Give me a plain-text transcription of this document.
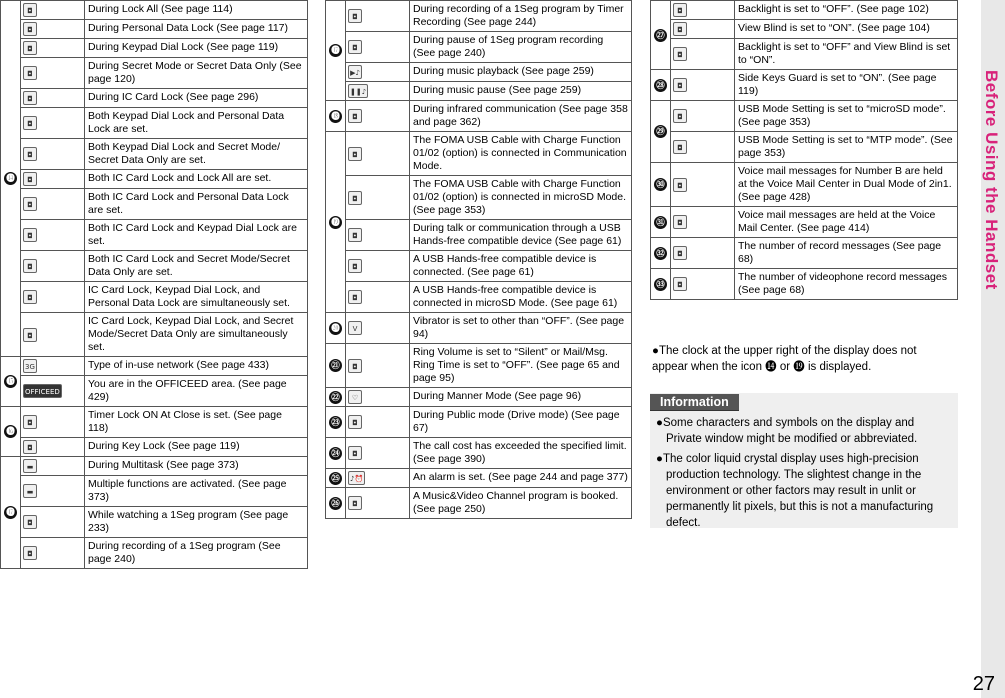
⓮	◘	During Lock All (See page 114)
	◘	During Personal Data Lock (See page 117)
	◘	During Keypad Dial Lock (See page 119)
	◘	During Secret Mode or Secret Data Only (See page 120)
	◘	During IC Card Lock (See page 296)
	◘	Both Keypad Dial Lock and Personal Data Lock are set.
	◘	Both Keypad Dial Lock and Secret Mode/ Secret Data Only are set.
	◘	Both IC Card Lock and Lock All are set.
	◘	Both IC Card Lock and Personal Data Lock are set.
	◘	Both IC Card Lock and Keypad Dial Lock are set.
	◘	Both IC Card Lock and Secret Mode/Secret Data Only are set.
	◘	IC Card Lock, Keypad Dial Lock, and Personal Data Lock are simultaneously set.
	◘	IC Card Lock, Keypad Dial Lock, and Secret Mode/Secret Data Only are simultaneously set.
⓯	3G	Type of in-use network (See page 433)
	OFFICEED	You are in the OFFICEED area. (See page 429)
⓰	◘	Timer Lock ON At Close is set. (See page 118)
	◘	During Key Lock (See page 119)
⓱	▬	During Multitask (See page 373)
	▬	Multiple functions are activated. (See page 373)
	◘	While watching a 1Seg program (See page 233)
	◘	During recording of a 1Seg program (See page 240)
⓱	◘	During recording of a 1Seg program by Timer Recording (See page 244)
	◘	During pause of 1Seg program recording (See page 240)
	▶♪	During music playback (See page 259)
	❚❚♪	During music pause (See page 259)
⓲	◘	During infrared communication (See page 358 and page 362)
⓳	◘	The FOMA USB Cable with Charge Function 01/02 (option) is connected in Communication Mode.
	◘	The FOMA USB Cable with Charge Function 01/02 (option) is connected in microSD Mode. (See page 353)
	◘	During talk or communication through a USB Hands-free compatible device (See page 61)
	◘	A USB Hands-free compatible device is connected. (See page 61)
	◘	A USB Hands-free compatible device is connected in microSD Mode. (See page 61)
⓴	V	Vibrator is set to other than “OFF”. (See page 94)
㉑	◘	Ring Volume is set to “Silent” or Mail/Msg. Ring Time is set to “OFF”. (See page 65 and page 95)
㉒	♡	During Manner Mode (See page 96)
㉓	◘	During Public mode (Drive mode) (See page 67)
㉔	◘	The call cost has exceeded the specified limit. (See page 390)
㉕	♪⏰	An alarm is set. (See page 244 and page 377)
㉖	◘	A Music&Video Channel program is booked. (See page 250)
㉗	◘	Backlight is set to “OFF”. (See page 102)
	◘	View Blind is set to “ON”. (See page 104)
	◘	Backlight is set to “OFF” and View Blind is set to “ON”.
㉘	◘	Side Keys Guard is set to “ON”. (See page 119)
㉙	◘	USB Mode Setting is set to “microSD mode”. (See page 353)
	◘	USB Mode Setting is set to “MTP mode”. (See page 353)
㉚	◘	Voice mail messages for Number B are held at the Voice Mail Center in Dual Mode of 2in1. (See page 428)
㉛	◘	Voice mail messages are held at the Voice Mail Center. (See page 414)
㉜	◘	The number of record messages (See page 68)
㉝	◘	The number of videophone record messages (See page 68)
●The clock at the upper right of the display does not appear when the icon ⓮ or ⓳ is displayed.
Information
●Some characters and symbols on the display and Private window might be modified or abbreviated.
●The color liquid crystal display uses high-precision production technology. The slightest change in the environment or other factors may result in unlit or permanently lit pixels, but this is not a manufacturing defect.
Before Using the Handset
27
